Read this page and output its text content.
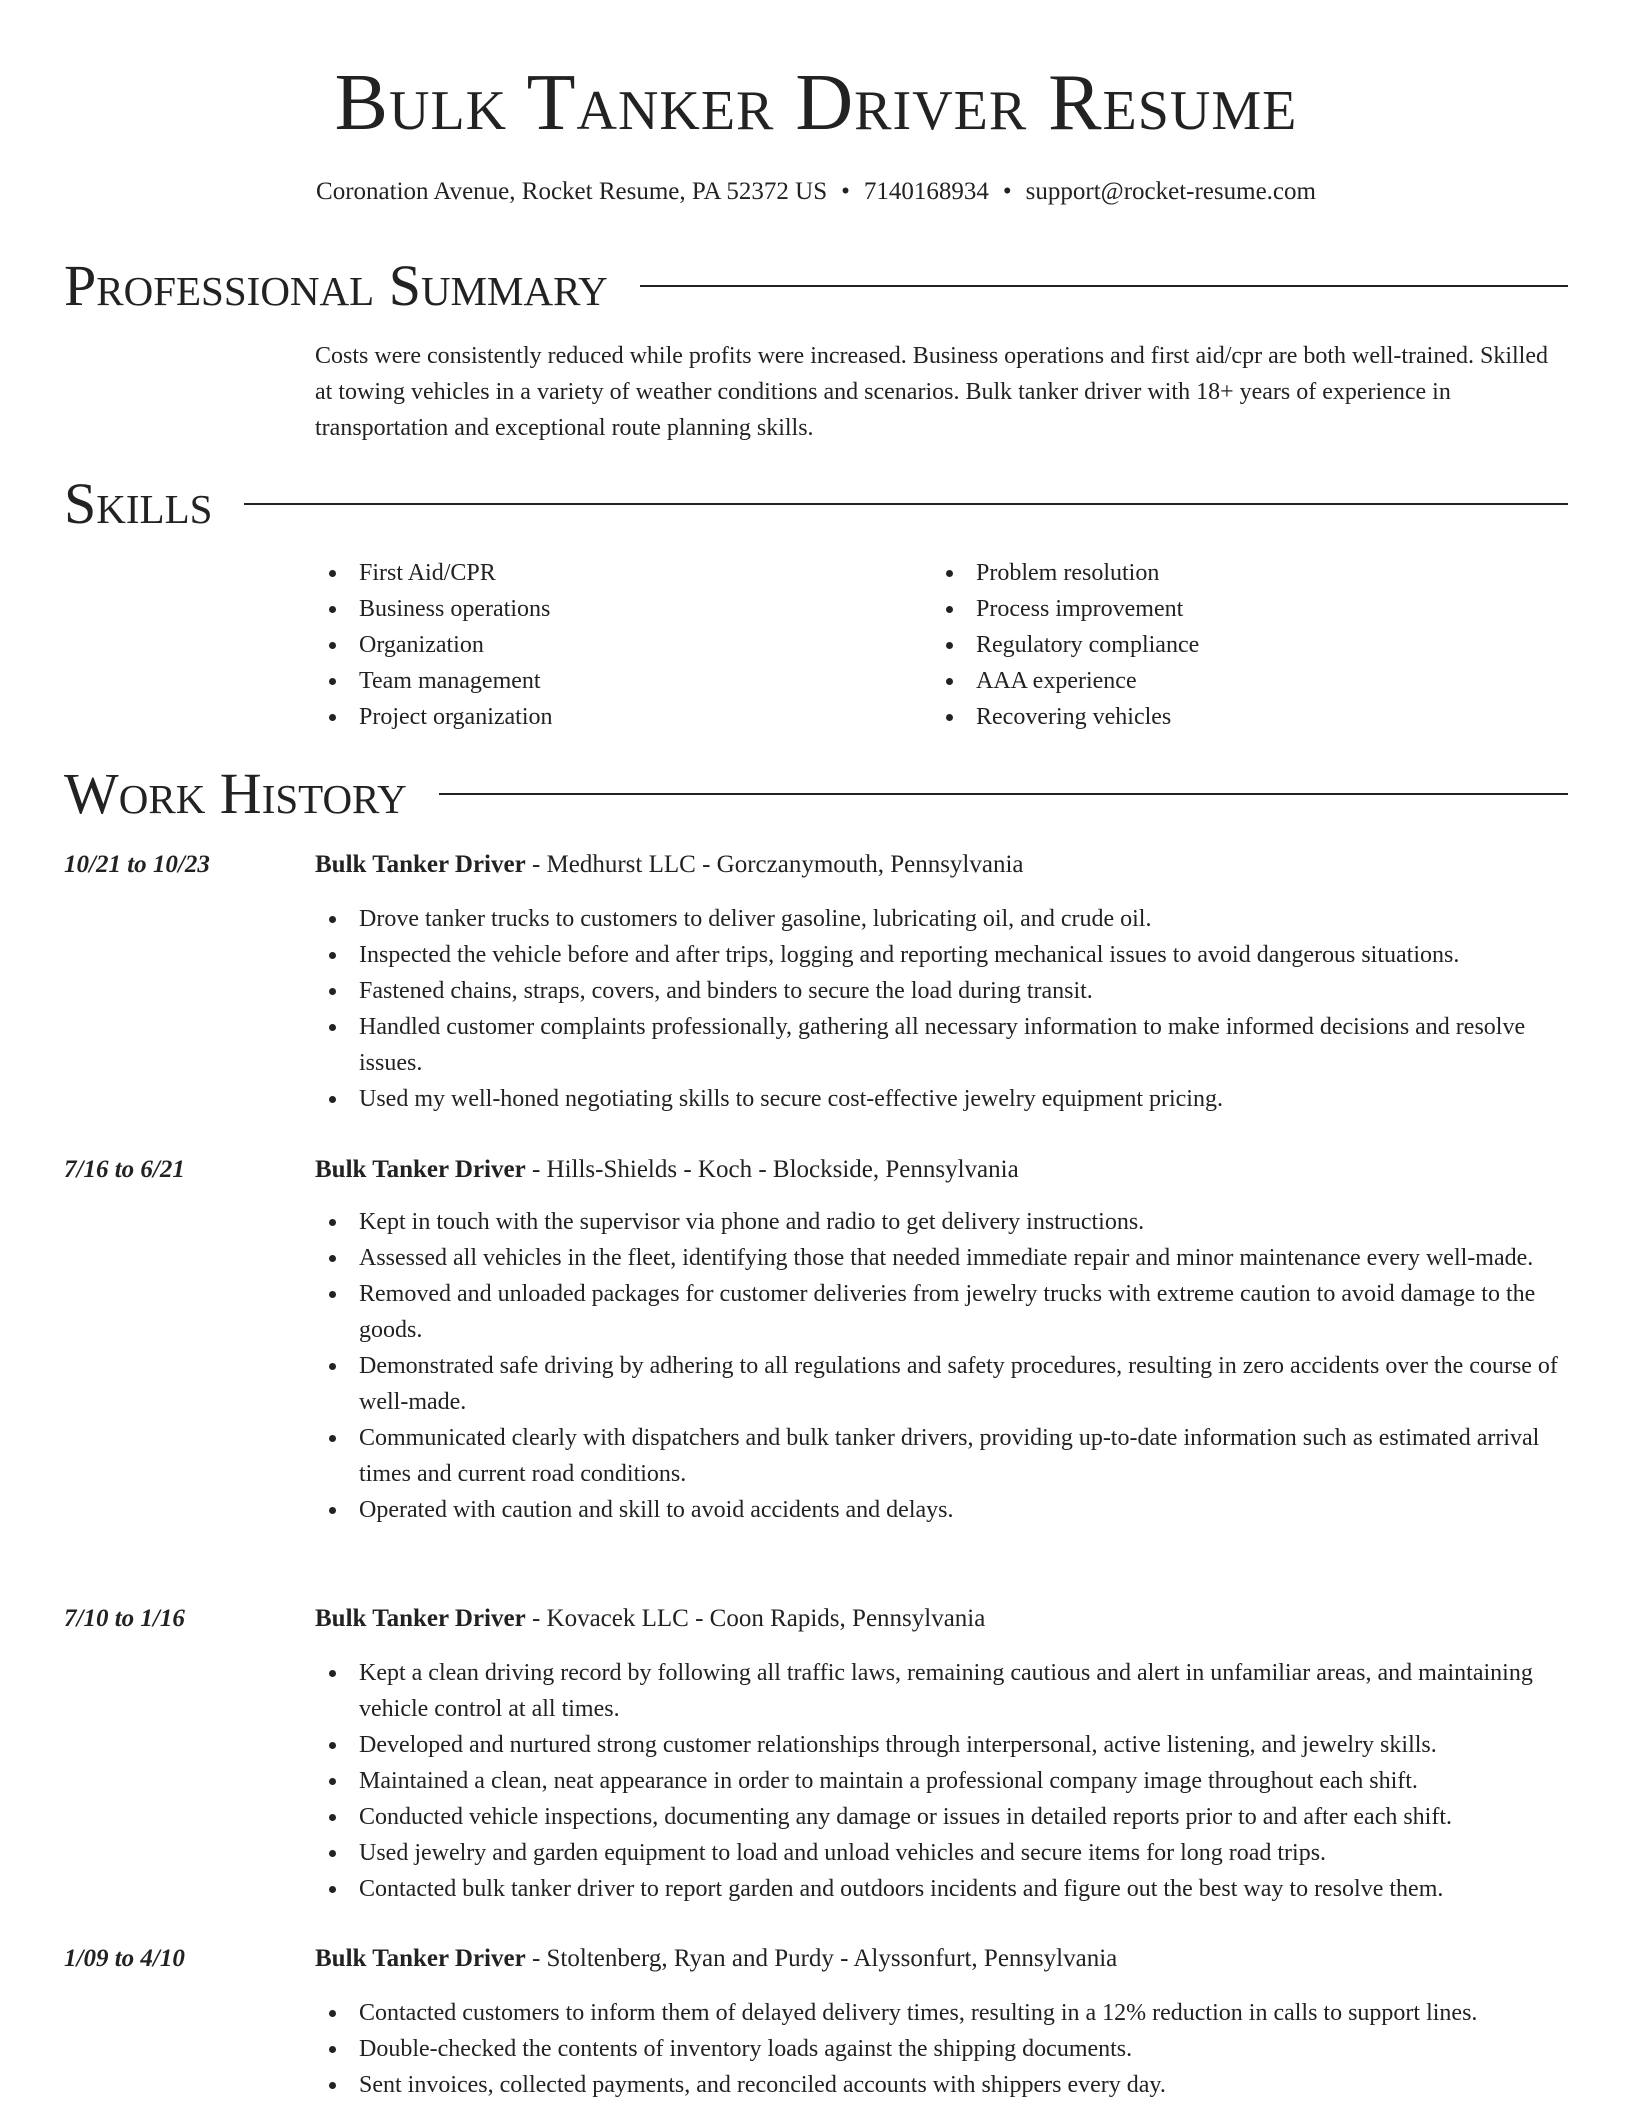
Bulk Tanker Driver Resume
Coronation Avenue, Rocket Resume, PA 52372 US • 7140168934 • support@rocket-resume.com
Professional Summary

Costs were consistently reduced while profits were increased. Business operations and first aid/cpr are both well-trained. Skilled at towing vehicles in a variety of weather conditions and scenarios. Bulk tanker driver with 18+ years of experience in transportation and exceptional route planning skills.

Skills
First Aid/CPR
Business operations
Organization
Team management
Project organization
Problem resolution
Process improvement
Regulatory compliance
AAA experience
Recovering vehicles
Work History
10/21 to 10/23	Bulk Tanker Driver - Medhurst LLC - Gorczanymouth, Pennsylvania
Drove tanker trucks to customers to deliver gasoline, lubricating oil, and crude oil.
Inspected the vehicle before and after trips, logging and reporting mechanical issues to avoid dangerous situations.
Fastened chains, straps, covers, and binders to secure the load during transit.
Handled customer complaints professionally, gathering all necessary information to make informed decisions and resolve issues.
Used my well-honed negotiating skills to secure cost-effective jewelry equipment pricing.
7/16 to 6/21	Bulk Tanker Driver - Hills-Shields - Koch - Blockside, Pennsylvania
Kept in touch with the supervisor via phone and radio to get delivery instructions.
Assessed all vehicles in the fleet, identifying those that needed immediate repair and minor maintenance every well-made.
Removed and unloaded packages for customer deliveries from jewelry trucks with extreme caution to avoid damage to the goods.
Demonstrated safe driving by adhering to all regulations and safety procedures, resulting in zero accidents over the course of well-made.
Communicated clearly with dispatchers and bulk tanker drivers, providing up-to-date information such as estimated arrival times and current road conditions.
Operated with caution and skill to avoid accidents and delays.
7/10 to 1/16	Bulk Tanker Driver - Kovacek LLC - Coon Rapids, Pennsylvania
Kept a clean driving record by following all traffic laws, remaining cautious and alert in unfamiliar areas, and maintaining vehicle control at all times.
Developed and nurtured strong customer relationships through interpersonal, active listening, and jewelry skills.
Maintained a clean, neat appearance in order to maintain a professional company image throughout each shift.
Conducted vehicle inspections, documenting any damage or issues in detailed reports prior to and after each shift.
Used jewelry and garden equipment to load and unload vehicles and secure items for long road trips.
Contacted bulk tanker driver to report garden and outdoors incidents and figure out the best way to resolve them.
1/09 to 4/10	Bulk Tanker Driver - Stoltenberg, Ryan and Purdy - Alyssonfurt, Pennsylvania
Contacted customers to inform them of delayed delivery times, resulting in a 12% reduction in calls to support lines.
Double-checked the contents of inventory loads against the shipping documents.
Sent invoices, collected payments, and reconciled accounts with shippers every day.
